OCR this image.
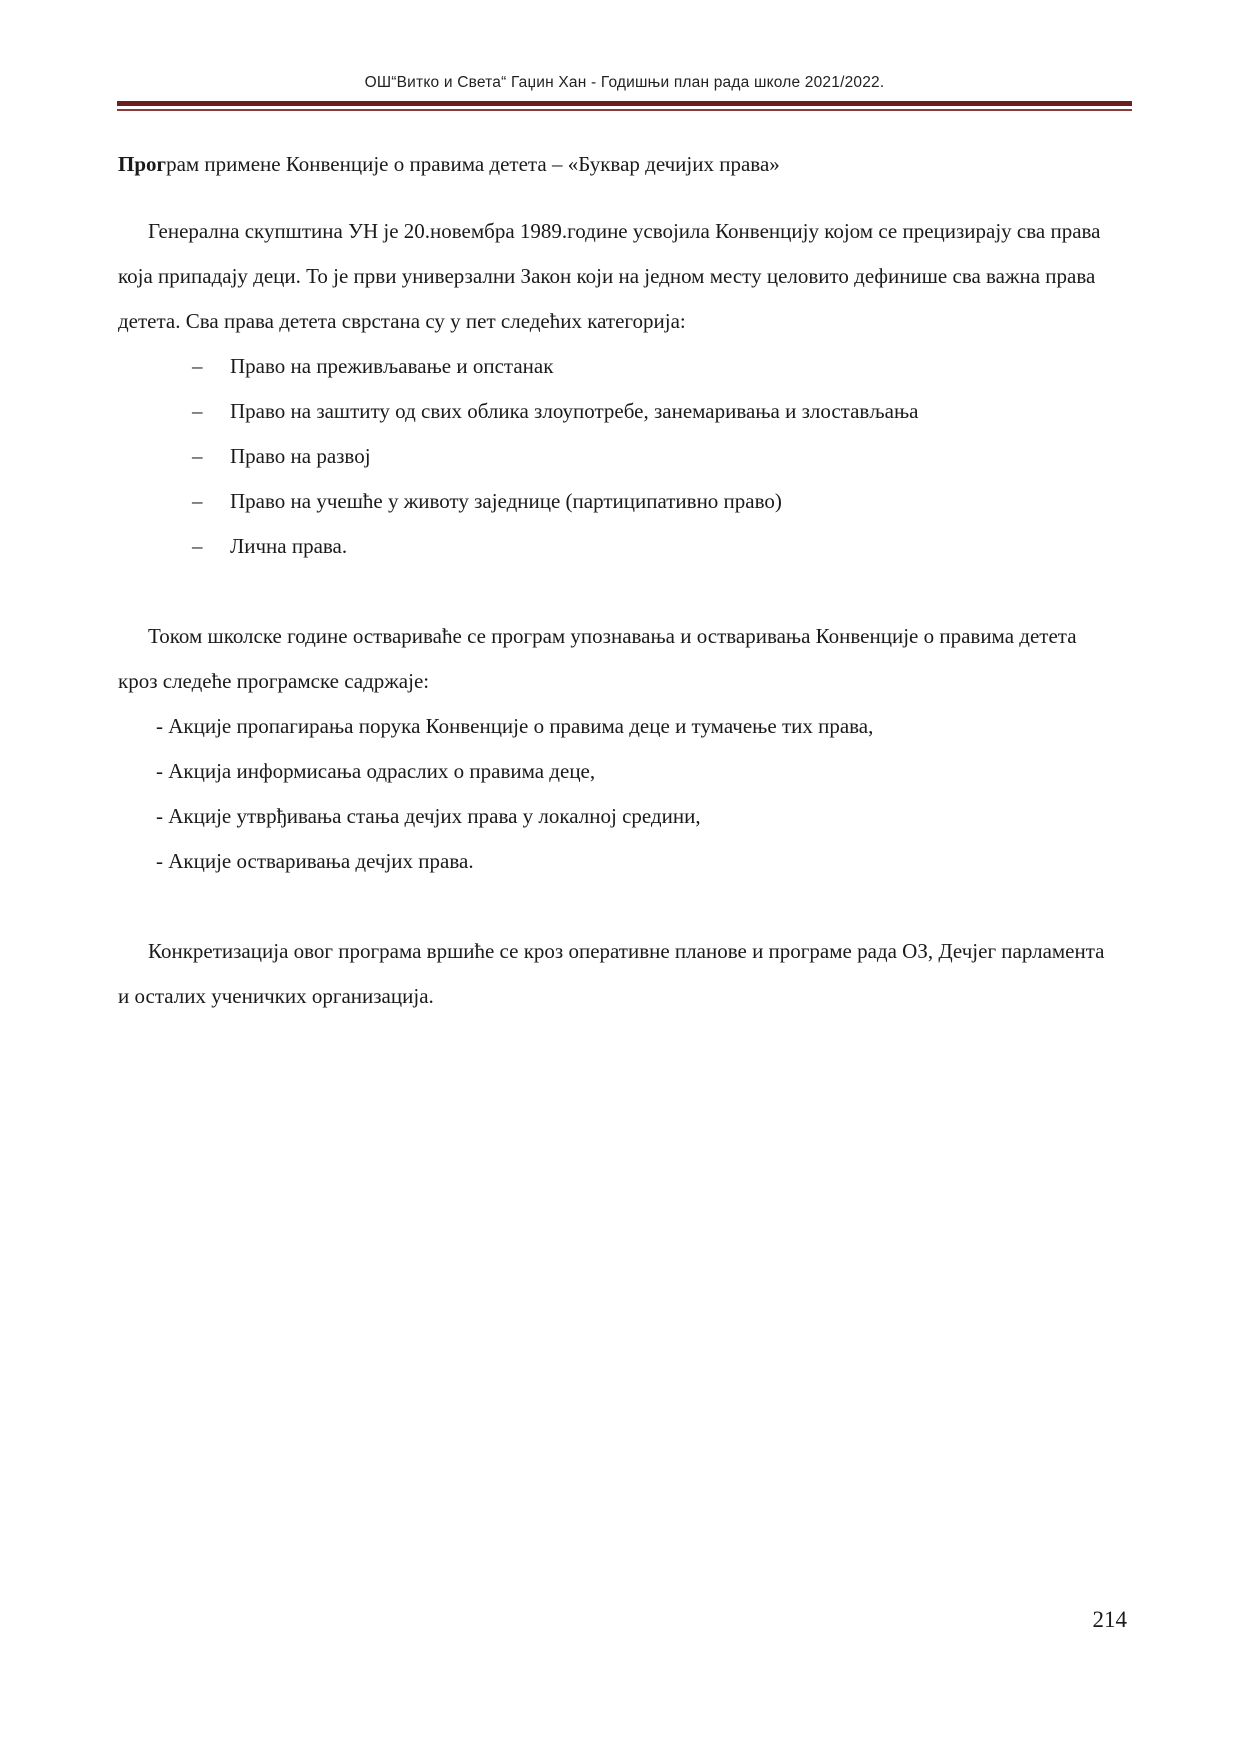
ОШ“Витко и Света“ Гаџин Хан - Годишњи план рада школе 2021/2022.

Програм примене Конвенције о правима детета – «Буквар дечијих права»

Генерална скупштина УН је 20.новембра 1989.године усвојила Конвенцију којом се прецизирају сва права која припадају деци. То је први универзални Закон који на једном месту целовито дефинише сва важна права детета. Сва права детета сврстана су у пет следећих категорија:

– Право на преживљавање и опстанак
– Право на заштиту од свих облика злоупотребе, занемаривања и злостављања
– Право на развој
– Право на учешће у животу заједнице (партиципативно право)
– Лична права.

Током школске године оствариваће се програм упознавања и остваривања Конвенције о правима детета кроз следеће програмске садржаје:

- Акције пропагирања порука Конвенције о правима деце и тумачење тих права,
- Акција информисања одраслих о правима деце,
- Акције утврђивања стања дечјих права у локалној средини,
- Акције остваривања дечјих права.

Конкретизација овог програма вршиће се кроз оперативне планове и програме рада ОЗ, Дечјег парламента и осталих ученичких организација.

214
